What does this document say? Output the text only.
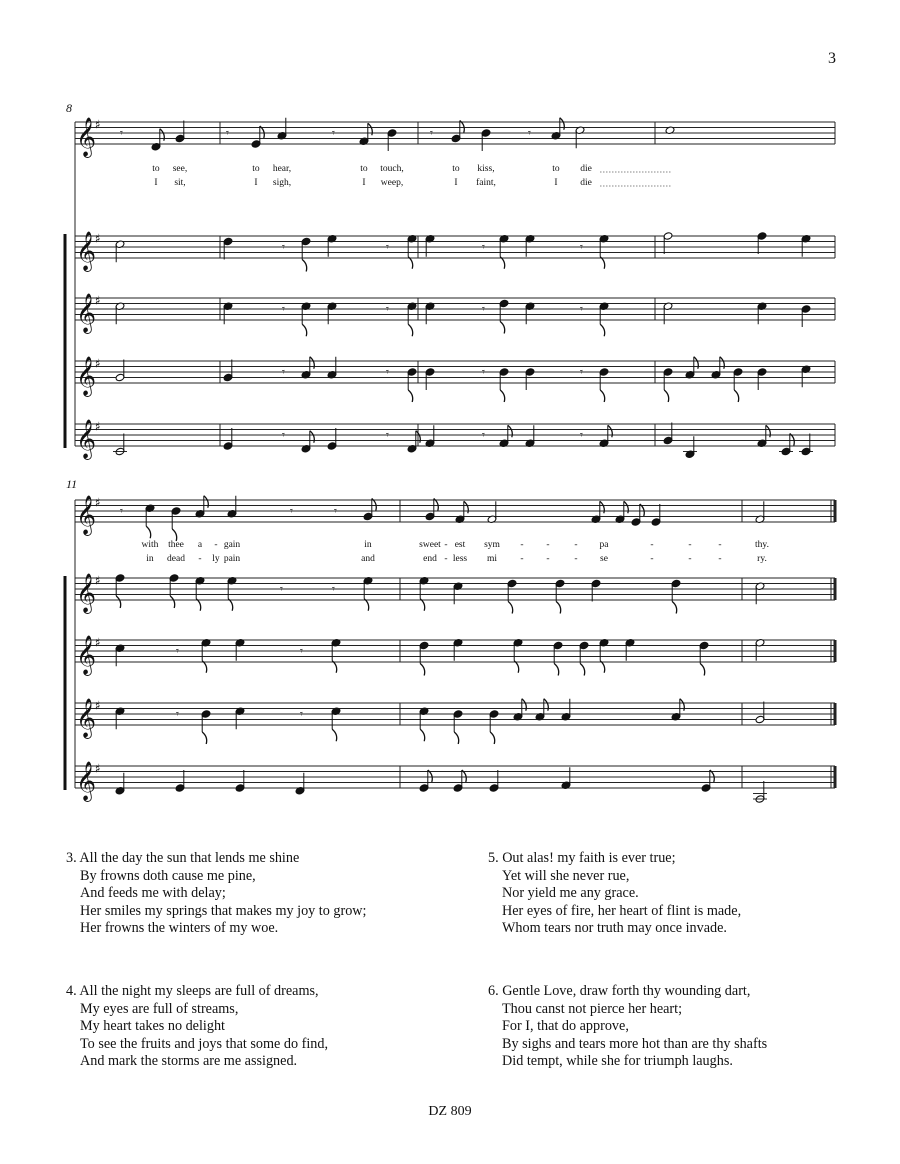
3
𝄞
♯
𝄾	𝄾	𝄾	𝄾	𝄾
𝄞
♯
𝄾	𝄾	𝄾	𝄾
𝄞
♯
𝄾	𝄾	𝄾	𝄾
𝄞
♯
𝄾	𝄾	𝄾	𝄾
𝄞
♯
𝄾	𝄾	𝄾	𝄾
𝄞
♯
𝄾	𝄾	𝄾
𝄞
♯
𝄾	𝄾
𝄞
♯
𝄾	𝄾
𝄞
♯
𝄾	𝄾
𝄞
♯
8
11
to see,	to hear,	to touch,	to kiss,	to die
I sit,	I sigh,	I weep,	I faint,	I die
with thee a - gain	in	sweet - est sym - -	- pa	-	-	-	thy.
in dead - ly pain	and	end - less mi - -	- se	-	-	-	ry.
3. All the day the sun that lends me shine
By frowns doth cause me pine,
And feeds me with delay;
Her smiles my springs that makes my joy to grow;
Her frowns the winters of my woe.
4. All the night my sleeps are full of dreams,
My eyes are full of streams,
My heart takes no delight
To see the fruits and joys that some do find,
And mark the storms are me assigned.
5. Out alas! my faith is ever true;
Yet will she never rue,
Nor yield me any grace.
Her eyes of fire, her heart of flint is made,
Whom tears nor truth may once invade.
6. Gentle Love, draw forth thy wounding dart,
Thou canst not pierce her heart;
For I, that do approve,
By sighs and tears more hot than are thy shafts
Did tempt, while she for triumph laughs.
DZ 809
